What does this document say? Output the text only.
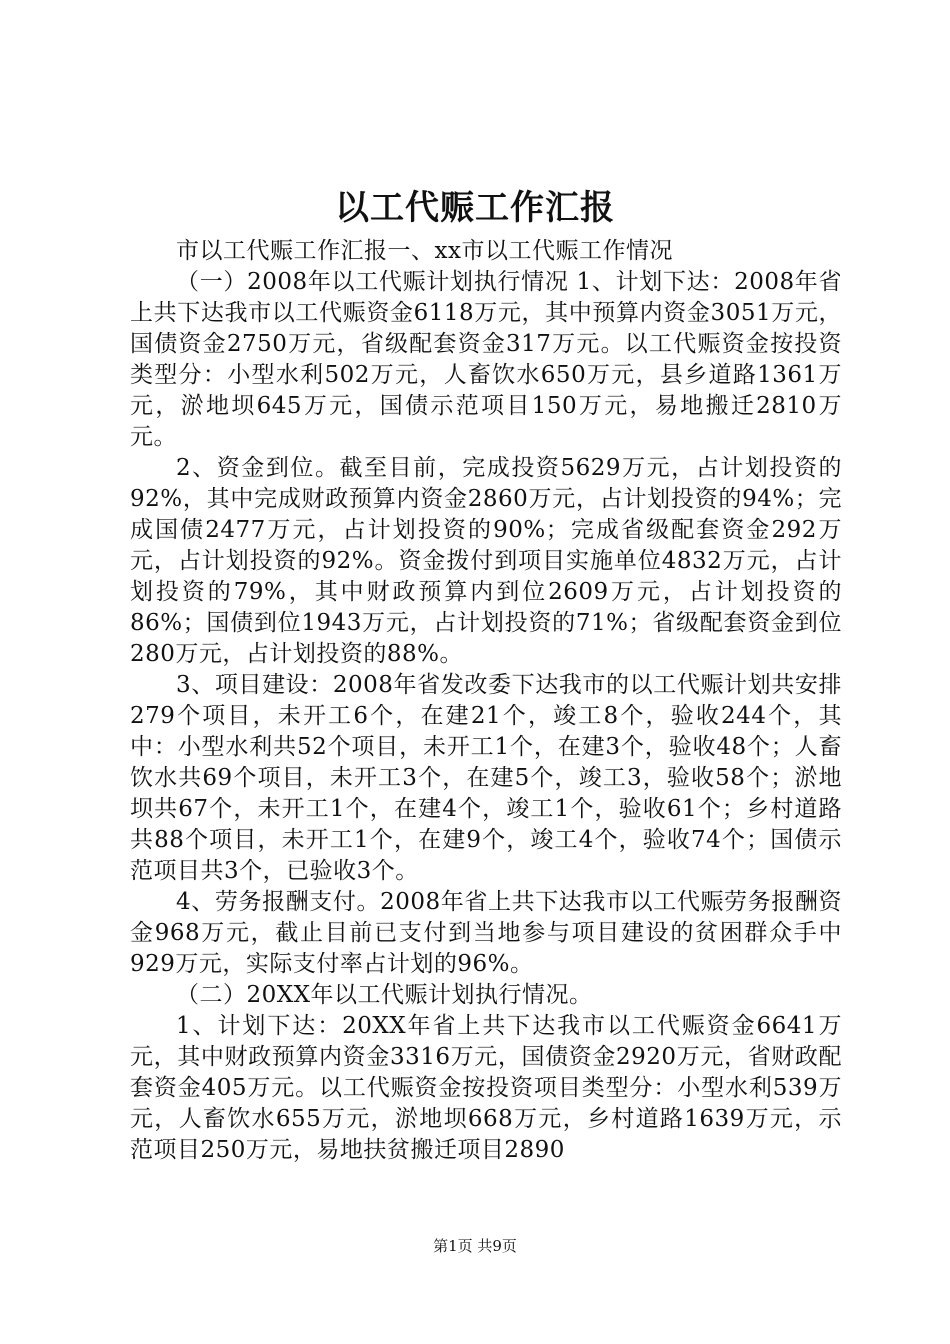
以工代赈工作汇报

市以工代赈工作汇报一、xx市以工代赈工作情况

（一）2008年以工代赈计划执行情况 1、计划下达：2008年省上共下达我市以工代赈资金6118万元，其中预算内资金3051万元，国债资金2750万元，省级配套资金317万元。以工代赈资金按投资类型分：小型水利502万元，人畜饮水650万元，县乡道路1361万元，淤地坝645万元，国债示范项目150万元，易地搬迁2810万元。

2、资金到位。截至目前，完成投资5629万元，占计划投资的92%，其中完成财政预算内资金2860万元，占计划投资的94%；完成国债2477万元，占计划投资的90%；完成省级配套资金292万元，占计划投资的92%。资金拨付到项目实施单位4832万元，占计划投资的79%，其中财政预算内到位2609万元，占计划投资的86%；国债到位1943万元，占计划投资的71%；省级配套资金到位280万元，占计划投资的88%。

3、项目建设：2008年省发改委下达我市的以工代赈计划共安排279个项目，未开工6个，在建21个，竣工8个，验收244个，其中：小型水利共52个项目，未开工1个，在建3个，验收48个；人畜饮水共69个项目，未开工3个，在建5个，竣工3，验收58个；淤地坝共67个，未开工1个，在建4个，竣工1个，验收61个；乡村道路共88个项目，未开工1个，在建9个，竣工4个，验收74个；国债示范项目共3个，已验收3个。

4、劳务报酬支付。2008年省上共下达我市以工代赈劳务报酬资金968万元，截止目前已支付到当地参与项目建设的贫困群众手中929万元，实际支付率占计划的96%。

（二）20XX年以工代赈计划执行情况。

1、计划下达：20XX年省上共下达我市以工代赈资金6641万元，其中财政预算内资金3316万元，国债资金2920万元，省财政配套资金405万元。以工代赈资金按投资项目类型分：小型水利539万元，人畜饮水655万元，淤地坝668万元，乡村道路1639万元，示范项目250万元，易地扶贫搬迁项目2890

第1页 共9页
